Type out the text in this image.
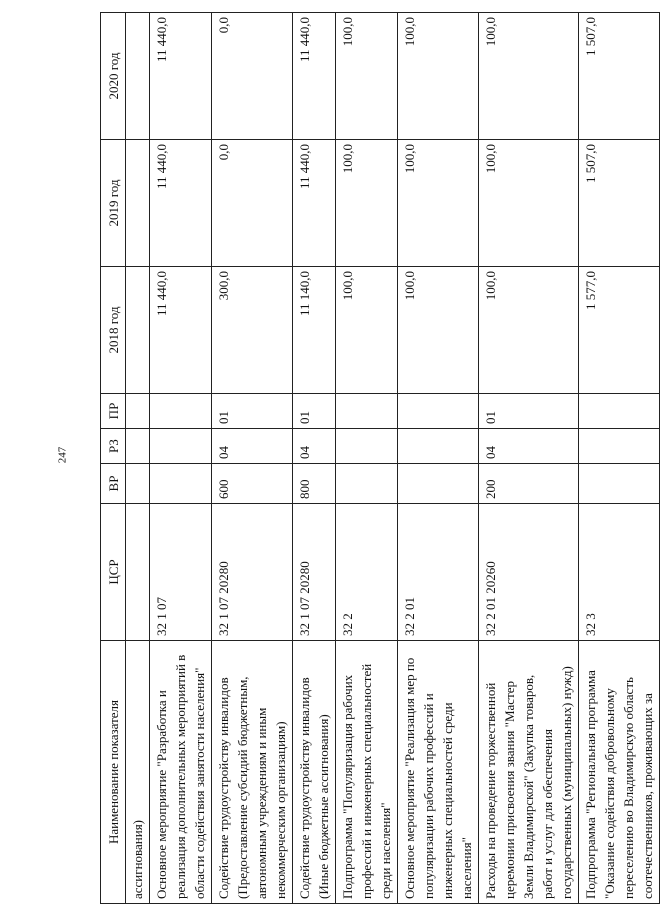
247
Наименование показателя	ЦСР	ВР	РЗ	ПР	2018 год	2019 год	2020 год
ассигнования)							
Основное мероприятие "Разработка и реализация дополнительных мероприятий в области содействия занятости населения"	32 1 07				11 440,0	11 440,0	11 440,0
Содействие трудоустройству инвалидов (Предоставление субсидий бюджетным, автономным учреждениям и иным некоммерческим организациям)	32 1 07 20280	600	04	01	300,0	0,0	0,0
Содействие трудоустройству инвалидов (Иные бюджетные ассигнования)	32 1 07 20280	800	04	01	11 140,0	11 440,0	11 440,0
Подпрограмма "Популяризация рабочих профессий и инженерных специальностей среди населения"	32 2				100,0	100,0	100,0
Основное мероприятие "Реализация мер по популяризации рабочих профессий и инженерных специальностей среди населения"	32 2 01				100,0	100,0	100,0
Расходы на проведение торжественной церемонии присвоения звания "Мастер Земли Владимирской" (Закупка товаров, работ и услуг для обеспечения государственных (муниципальных) нужд)	32 2 01 20260	200	04	01	100,0	100,0	100,0
Подпрограмма "Региональная программа "Оказание содействия добровольному переселению во Владимирскую область соотечественников, проживающих за	32 3				1 577,0	1 507,0	1 507,0
